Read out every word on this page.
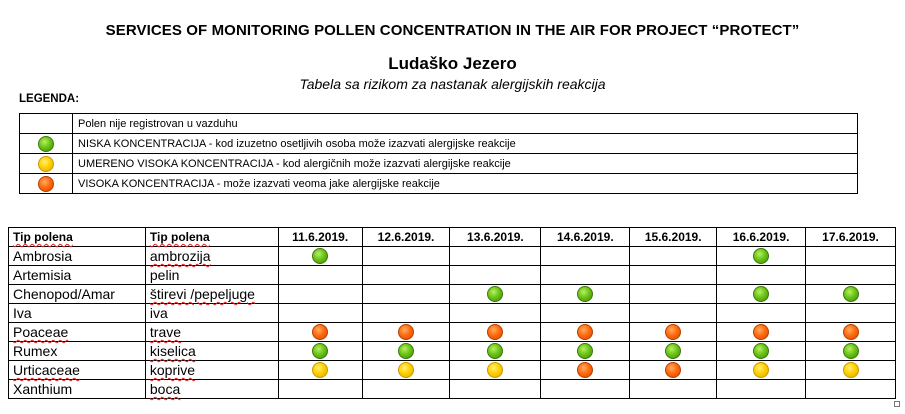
SERVICES OF MONITORING POLLEN CONCENTRATION IN THE AIR FOR PROJECT “PROTECT”
Ludaško Jezero
Tabela sa rizikom za nastanak alergijskih reakcija
LEGENDA:
	Polen nije registrovan u vazduhu
	NISKA KONCENTRACIJA - kod izuzetno osetljivih osoba može izazvati alergijske reakcije
	UMERENO VISOKA KONCENTRACIJA - kod alergičnih može izazvati alergijske reakcije
	VISOKA KONCENTRACIJA - može izazvati veoma jake alergijske reakcije
Tip polena	Tip polena	11.6.2019.	12.6.2019.	13.6.2019.	14.6.2019.	15.6.2019.	16.6.2019.	17.6.2019.
Ambrosia	ambrozija							
Artemisia	pelin							
Chenopod/Amar	štirevi /pepeljuge							
Iva	iva							
Poaceae	trave							
Rumex	kiselica							
Urticaceae	koprive							
Xanthium	boca							
